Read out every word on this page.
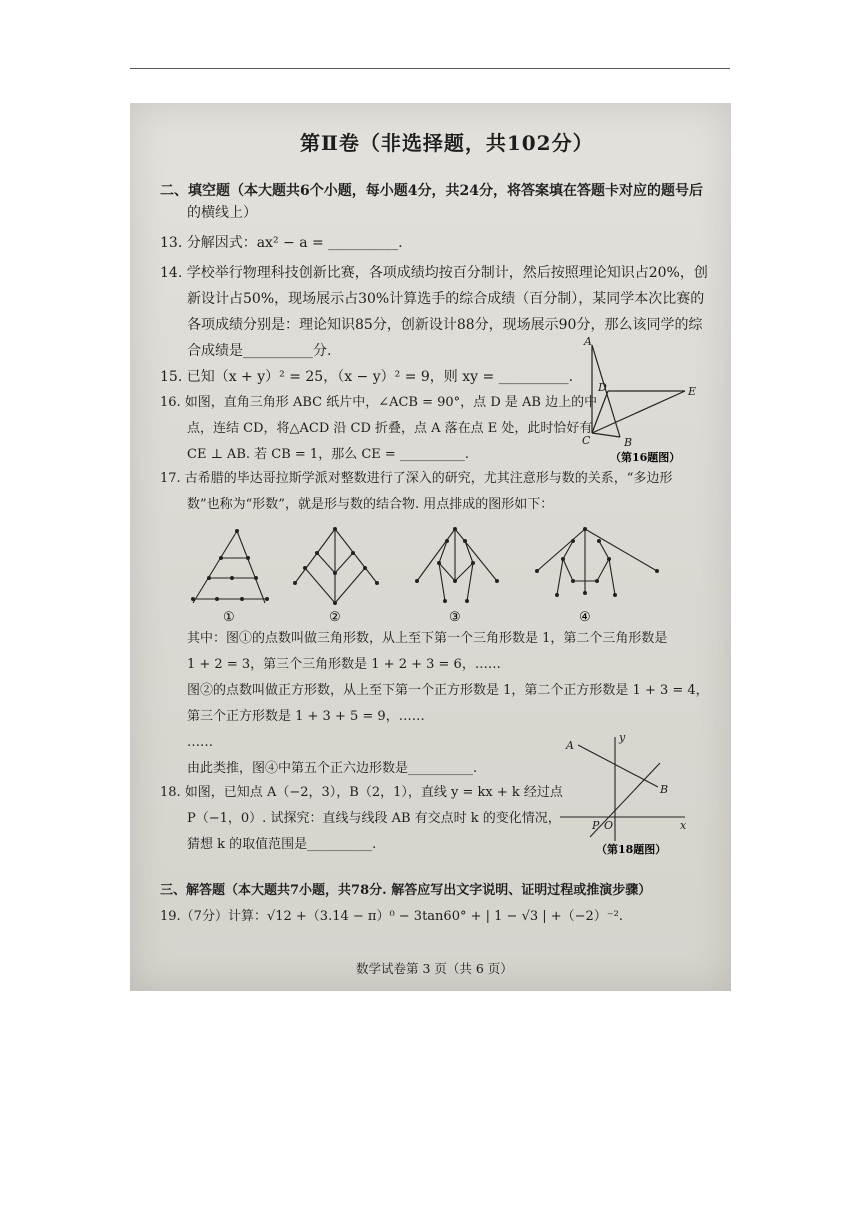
第Ⅱ卷（非选择题，共102分）
二、填空题（本大题共6个小题，每小题4分，共24分，将答案填在答题卡对应的题号后
的横线上）
13. 分解因式：ax² − a = __________.
14. 学校举行物理科技创新比赛，各项成绩均按百分制计，然后按照理论知识占20%，创
新设计占50%，现场展示占30%计算选手的综合成绩（百分制），某同学本次比赛的
各项成绩分别是：理论知识85分，创新设计88分，现场展示90分，那么该同学的综
合成绩是__________分.
15. 已知（x + y）² = 25，（x − y）² = 9，则 xy = __________.
16. 如图，直角三角形 ABC 纸片中，∠ACB = 90°，点 D 是 AB 边上的中
点，连结 CD，将△ACD 沿 CD 折叠，点 A 落在点 E 处，此时恰好有
CE ⊥ AB. 若 CB = 1，那么 CE = __________.
A
B
C
D	E
（第16题图）
17. 古希腊的毕达哥拉斯学派对整数进行了深入的研究，尤其注意形与数的关系，“多边形
数”也称为“形数”，就是形与数的结合物. 用点排成的图形如下：
①	②	③	④
其中：图①的点数叫做三角形数，从上至下第一个三角形数是 1，第二个三角形数是
1 + 2 = 3，第三个三角形数是 1 + 2 + 3 = 6，……
图②的点数叫做正方形数，从上至下第一个正方形数是 1，第二个正方形数是 1 + 3 = 4，
第三个正方形数是 1 + 3 + 5 = 9，……
……
由此类推，图④中第五个正六边形数是__________.
18. 如图，已知点 A（−2，3），B（2，1），直线 y = kx + k 经过点
P（−1，0）. 试探究：直线与线段 AB 有交点时 k 的变化情况，
猜想 k 的取值范围是__________.
A
B
P O	x
y
（第18题图）
三、解答题（本大题共7小题，共78分. 解答应写出文字说明、证明过程或推演步骤）
19.（7分）计算：√12 +（3.14 − π）⁰ − 3tan60° + | 1 − √3 | +（−2）⁻².
数学试卷第 3 页（共 6 页）
